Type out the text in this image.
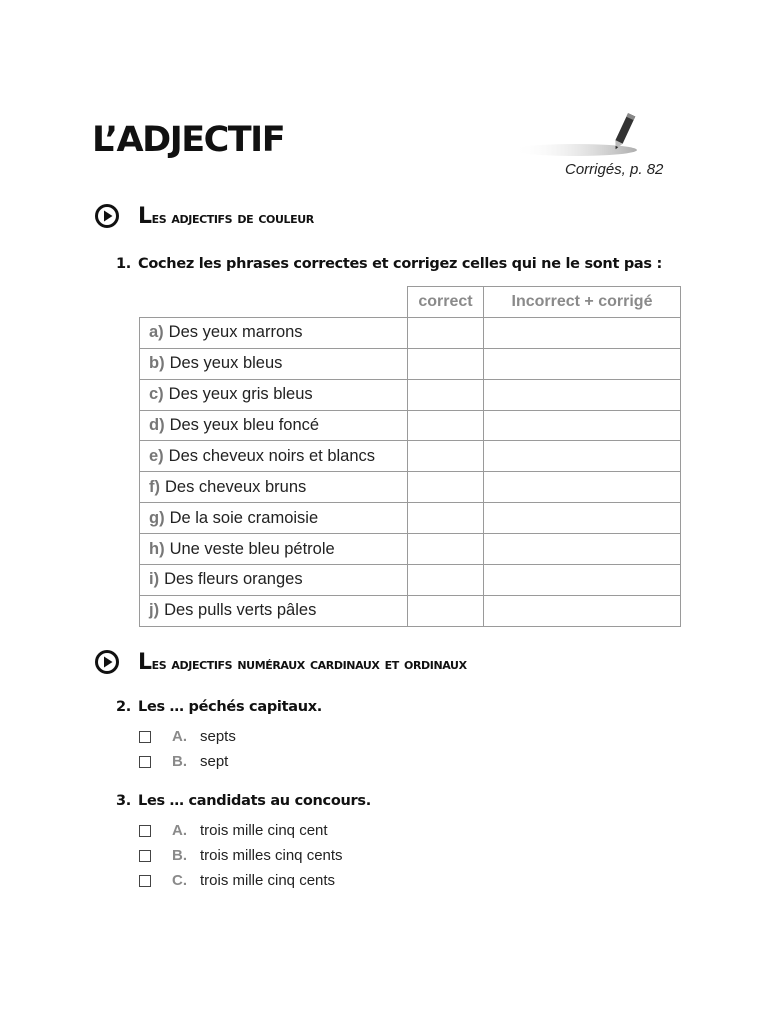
L’ADJECTIF
Corrigés, p. 82
Les adjectifs de couleur
1. Cochez les phrases correctes et corrigez celles qui ne le sont pas :
	correct	Incorrect + corrigé
a) Des yeux marrons		
b) Des yeux bleus		
c) Des yeux gris bleus		
d) Des yeux bleu foncé		
e) Des cheveux noirs et blancs		
f) Des cheveux bruns		
g) De la soie cramoisie		
h) Une veste bleu pétrole		
i) Des fleurs oranges		
j) Des pulls verts pâles		
Les adjectifs numéraux cardinaux et ordinaux
2. Les … péchés capitaux.
A. septs
B. sept
3. Les … candidats au concours.
A. trois mille cinq cent
B. trois milles cinq cents
C. trois mille cinq cents
